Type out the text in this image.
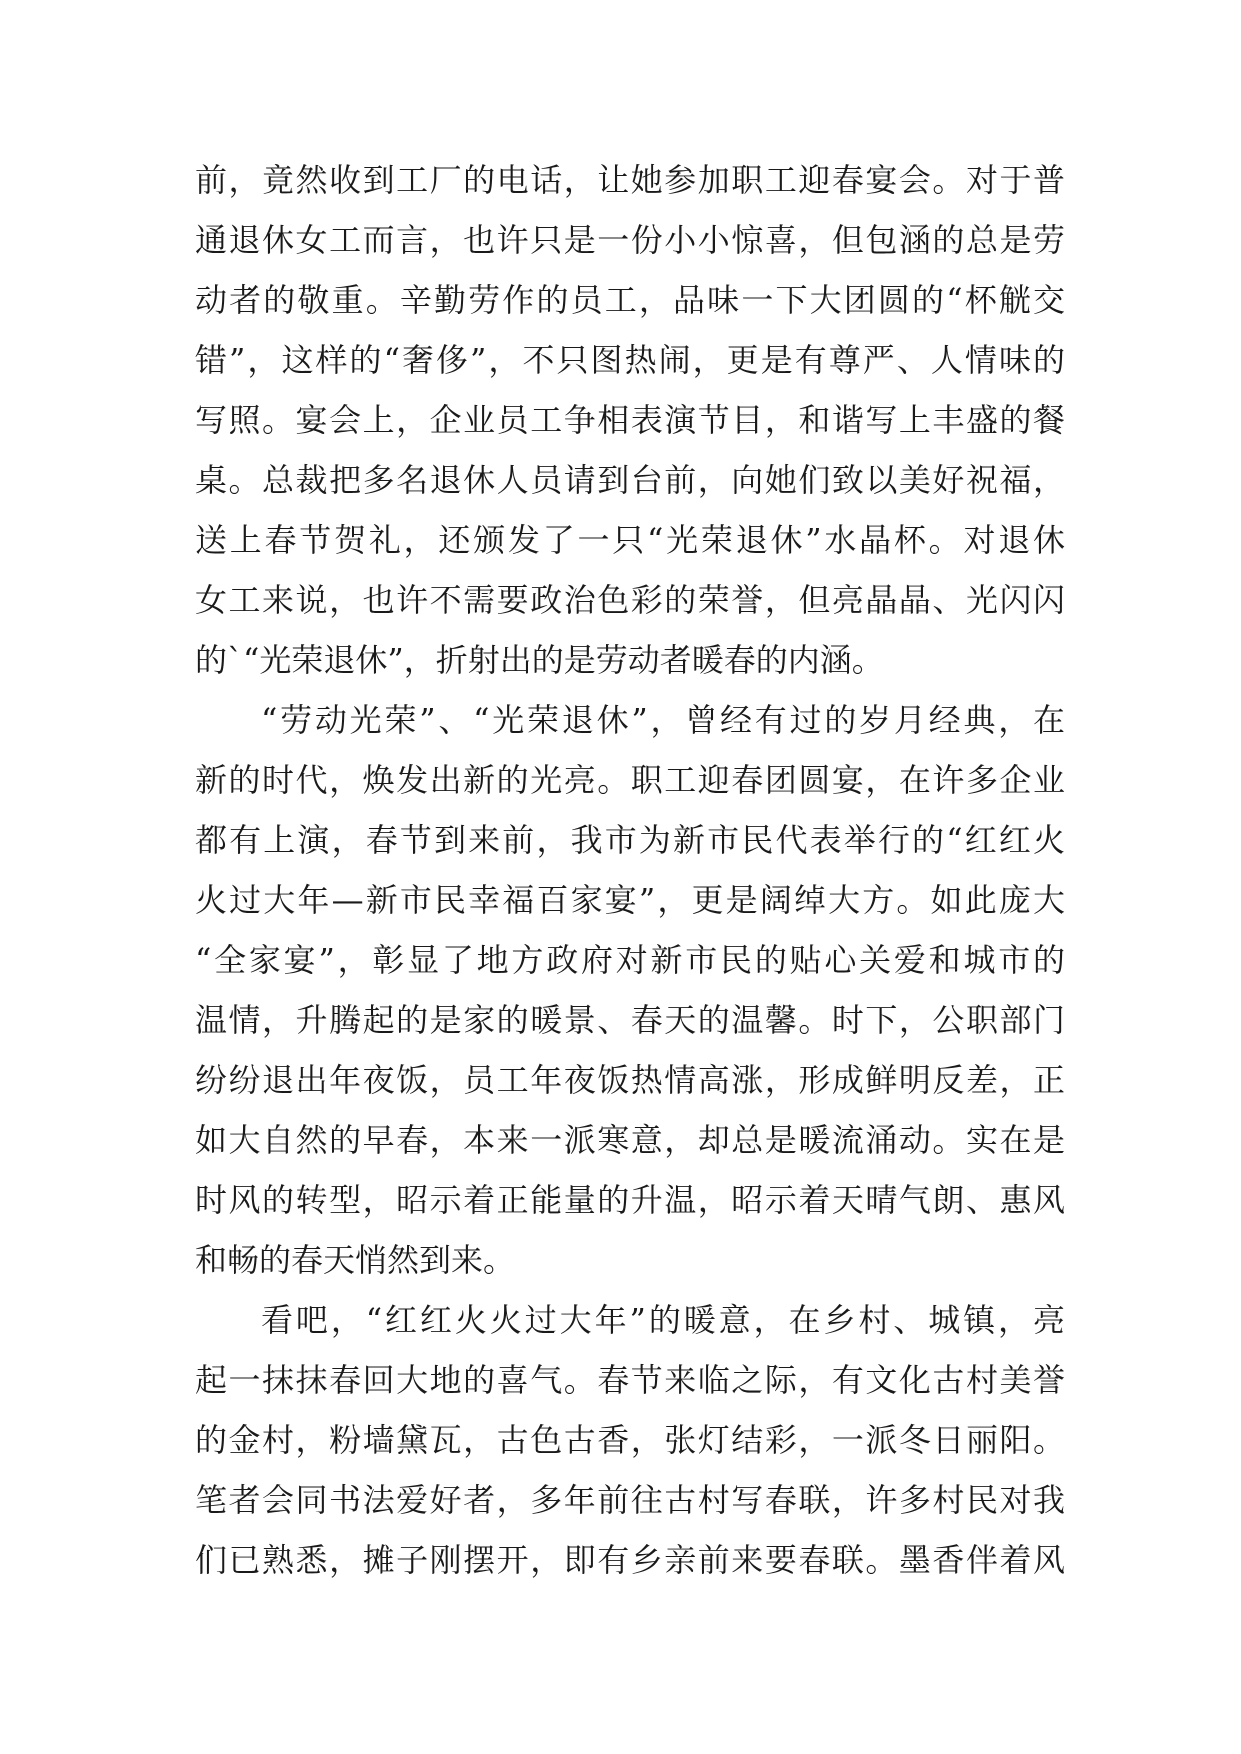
前，竟然收到工厂的电话，让她参加职工迎春宴会。对于普
通退休女工而言，也许只是一份小小惊喜，但包涵的总是劳
动者的敬重。辛勤劳作的员工，品味一下大团圆的“杯觥交
错”，这样的“奢侈”，不只图热闹，更是有尊严、人情味的
写照。宴会上，企业员工争相表演节目，和谐写上丰盛的餐
桌。总裁把多名退休人员请到台前，向她们致以美好祝福，
送上春节贺礼，还颁发了一只“光荣退休”水晶杯。对退休
女工来说，也许不需要政治色彩的荣誉，但亮晶晶、光闪闪
的`“光荣退休”，折射出的是劳动者暖春的内涵。
“劳动光荣”、“光荣退休”，曾经有过的岁月经典，在
新的时代，焕发出新的光亮。职工迎春团圆宴，在许多企业
都有上演，春节到来前，我市为新市民代表举行的“红红火
火过大年—新市民幸福百家宴”，更是阔绰大方。如此庞大
“全家宴”，彰显了地方政府对新市民的贴心关爱和城市的
温情，升腾起的是家的暖景、春天的温馨。时下，公职部门
纷纷退出年夜饭，员工年夜饭热情高涨，形成鲜明反差，正
如大自然的早春，本来一派寒意，却总是暖流涌动。实在是
时风的转型，昭示着正能量的升温，昭示着天晴气朗、惠风
和畅的春天悄然到来。
看吧，“红红火火过大年”的暖意，在乡村、城镇，亮
起一抹抹春回大地的喜气。春节来临之际，有文化古村美誉
的金村，粉墙黛瓦，古色古香，张灯结彩，一派冬日丽阳。
笔者会同书法爱好者，多年前往古村写春联，许多村民对我
们已熟悉，摊子刚摆开，即有乡亲前来要春联。墨香伴着风
